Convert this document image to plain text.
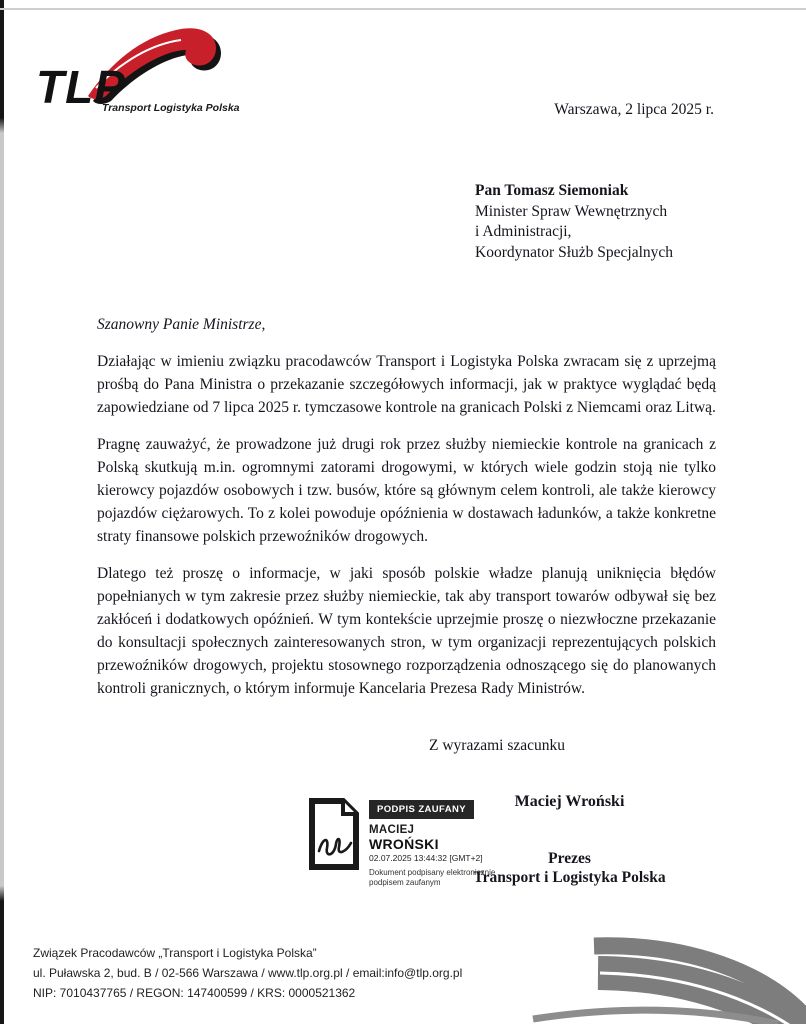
TLP
Transport Logistyka Polska	Warszawa, 2 lipca 2025 r.
Pan Tomasz Siemoniak
Minister Spraw Wewnętrznych
i Administracji,
Koordynator Służb Specjalnych
Szanowny Panie Ministrze,

Działając w imieniu związku pracodawców Transport i Logistyka Polska zwracam się z uprzejmą prośbą do Pana Ministra o przekazanie szczegółowych informacji, jak w praktyce wyglądać będą zapowiedziane od 7 lipca 2025 r. tymczasowe kontrole na granicach Polski z Niemcami oraz Litwą.

Pragnę zauważyć, że prowadzone już drugi rok przez służby niemieckie kontrole na granicach z Polską skutkują m.in. ogromnymi zatorami drogowymi, w których wiele godzin stoją nie tylko kierowcy pojazdów osobowych i tzw. busów, które są głównym celem kontroli, ale także kierowcy pojazdów ciężarowych. To z kolei powoduje opóźnienia w dostawach ładunków, a także konkretne straty finansowe polskich przewoźników drogowych.

Dlatego też proszę o informacje, w jaki sposób polskie władze planują uniknięcia błędów popełnianych w tym zakresie przez służby niemieckie, tak aby transport towarów odbywał się bez zakłóceń i dodatkowych opóźnień. W tym kontekście uprzejmie proszę o niezwłoczne przekazanie do konsultacji społecznych zainteresowanych stron, w tym organizacji reprezentujących polskich przewoźników drogowych, projektu stosownego rozporządzenia odnoszącego się do planowanych kontroli granicznych, o którym informuje Kancelaria Prezesa Rady Ministrów.

Z wyrazami szacunku
PODPIS ZAUFANY
MACIEJ
WROŃSKI
02.07.2025 13:44:32 [GMT+2]
Dokument podpisany elektronicznie
podpisem zaufanym
Maciej Wroński
Prezes
Transport i Logistyka Polska
Związek Pracodawców „Transport i Logistyka Polska”
ul. Puławska 2, bud. B / 02-566 Warszawa / www.tlp.org.pl / email:info@tlp.org.pl
NIP: 7010437765 / REGON: 147400599 / KRS: 0000521362
